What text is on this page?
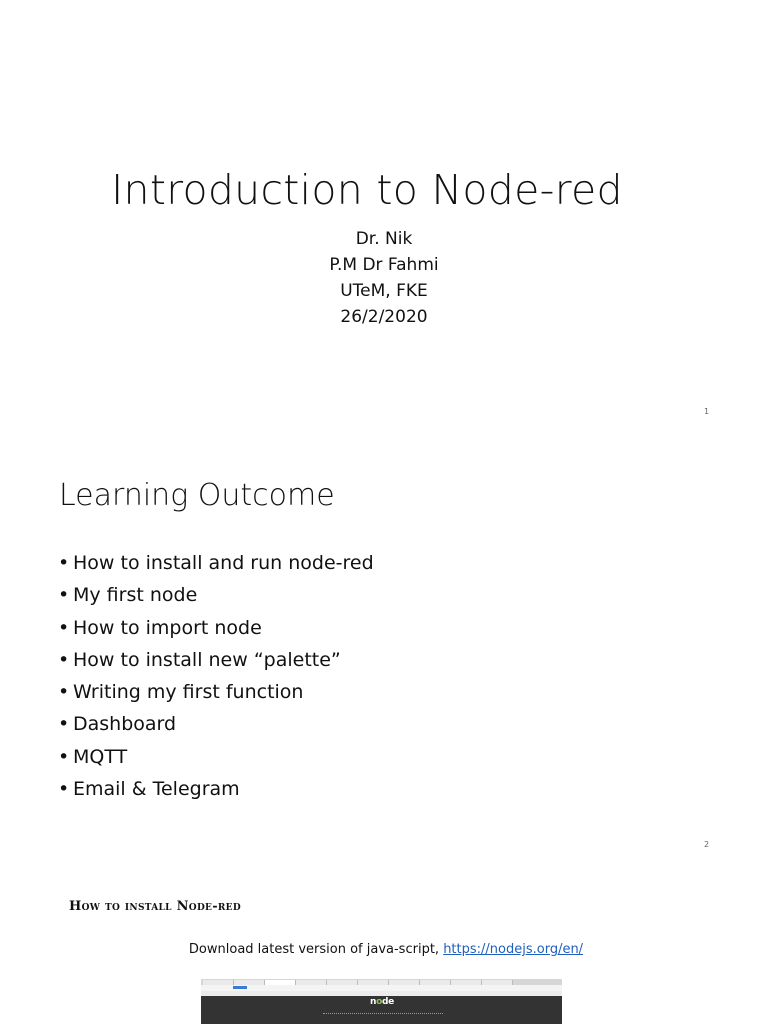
Introduction to Node-red
Dr. Nik
P.M Dr Fahmi
UTeM, FKE
26/2/2020
1
Learning Outcome
• How to install and run node-red
• My first node
• How to import node
• How to install new “palette”
• Writing my first function
• Dashboard
• MQTT
• Email & Telegram
2
How to install Node-red
Download latest version of java-script, https://nodejs.org/en/
node
